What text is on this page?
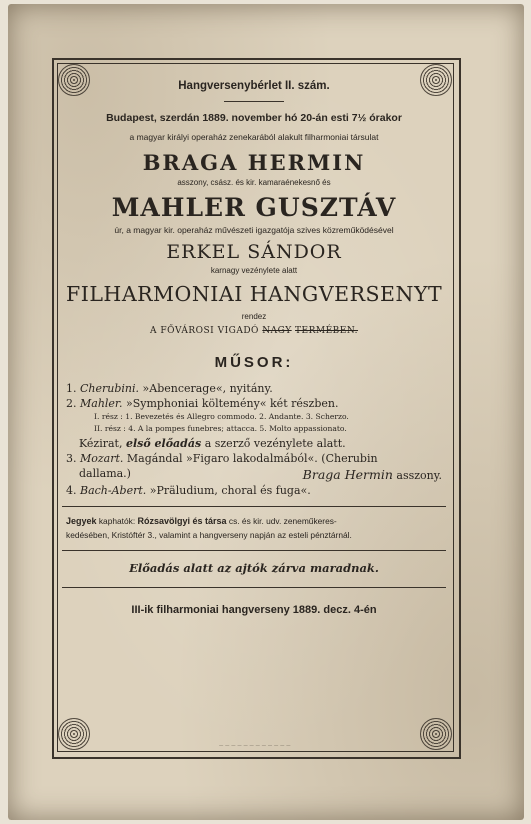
Hangversenybérlet II. szám.

Budapest, szerdán 1889. november hó 20-án esti 7½ órakor

a magyar királyi operaház zenekarából alakult filharmoniai társulat

BRAGA HERMIN

asszony, csász. és kir. kamaraénekesnő és

MAHLER GUSZTÁV

úr, a magyar kir. operaház művészeti igazgatója szives közreműködésével

ERKEL SÁNDOR

karnagy vezénylete alatt

FILHARMONIAI HANGVERSENYT

rendez

A FŐVÁROSI VIGADÓ NAGY TERMÉBEN.

MŰSOR:

1. Cherubini. »Abencerage«, nyitány.
2. Mahler. »Symphoniai költemény« két részben.
I. rész : 1. Bevezetés és Allegro commodo. 2. Andante. 3. Scherzo.
II. rész : 4. A la pompes funebres; attacca. 5. Molto appassionato.
Kézirat, első előadás a szerző vezénylete alatt.
3. Mozart. Magándal »Figaro lakodalmából«. (Cherubin
dallama.)	Braga Hermin asszony.
4. Bach-Abert. »Präludium, choral és fuga«.
Jegyek kaphatók: Rózsavölgyi és társa cs. és kir. udv. zeneműkeres-
kedésében, Kristóftér 3., valamint a hangverseny napján az esteli pénztárnál.

Előadás alatt az ajtók zárva maradnak.

III-ik filharmoniai hangverseny 1889. decz. 4-én

— — — — — — — — — — — —
